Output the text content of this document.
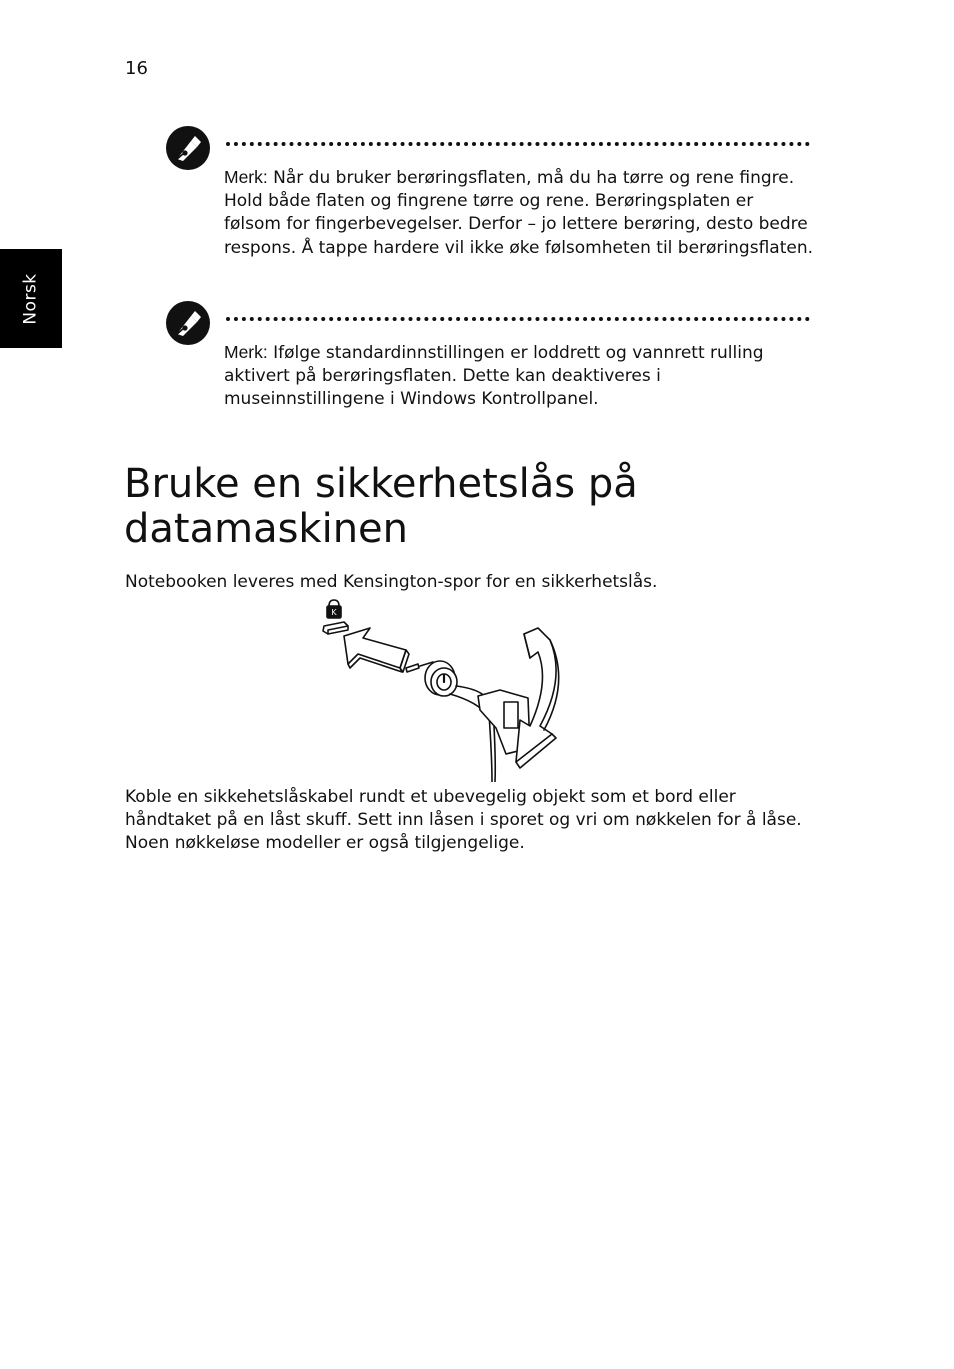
16
Norsk

Merk: Når du bruker berøringsflaten, må du ha tørre og rene fingre. Hold både flaten og fingrene tørre og rene. Berøringsplaten er følsom for fingerbevegelser. Derfor – jo lettere berøring, desto bedre respons. Å tappe hardere vil ikke øke følsomheten til berøringsflaten.

Merk: Ifølge standardinnstillingen er loddrett og vannrett rulling aktivert på berøringsflaten. Dette kan deaktiveres i museinnstillingene i Windows Kontrollpanel.

Bruke en sikkerhetslås på datamaskinen

Notebooken leveres med Kensington-spor for en sikkerhetslås.

K

Koble en sikkehetslåskabel rundt et ubevegelig objekt som et bord eller håndtaket på en låst skuff. Sett inn låsen i sporet og vri om nøkkelen for å låse. Noen nøkkeløse modeller er også tilgjengelige.
